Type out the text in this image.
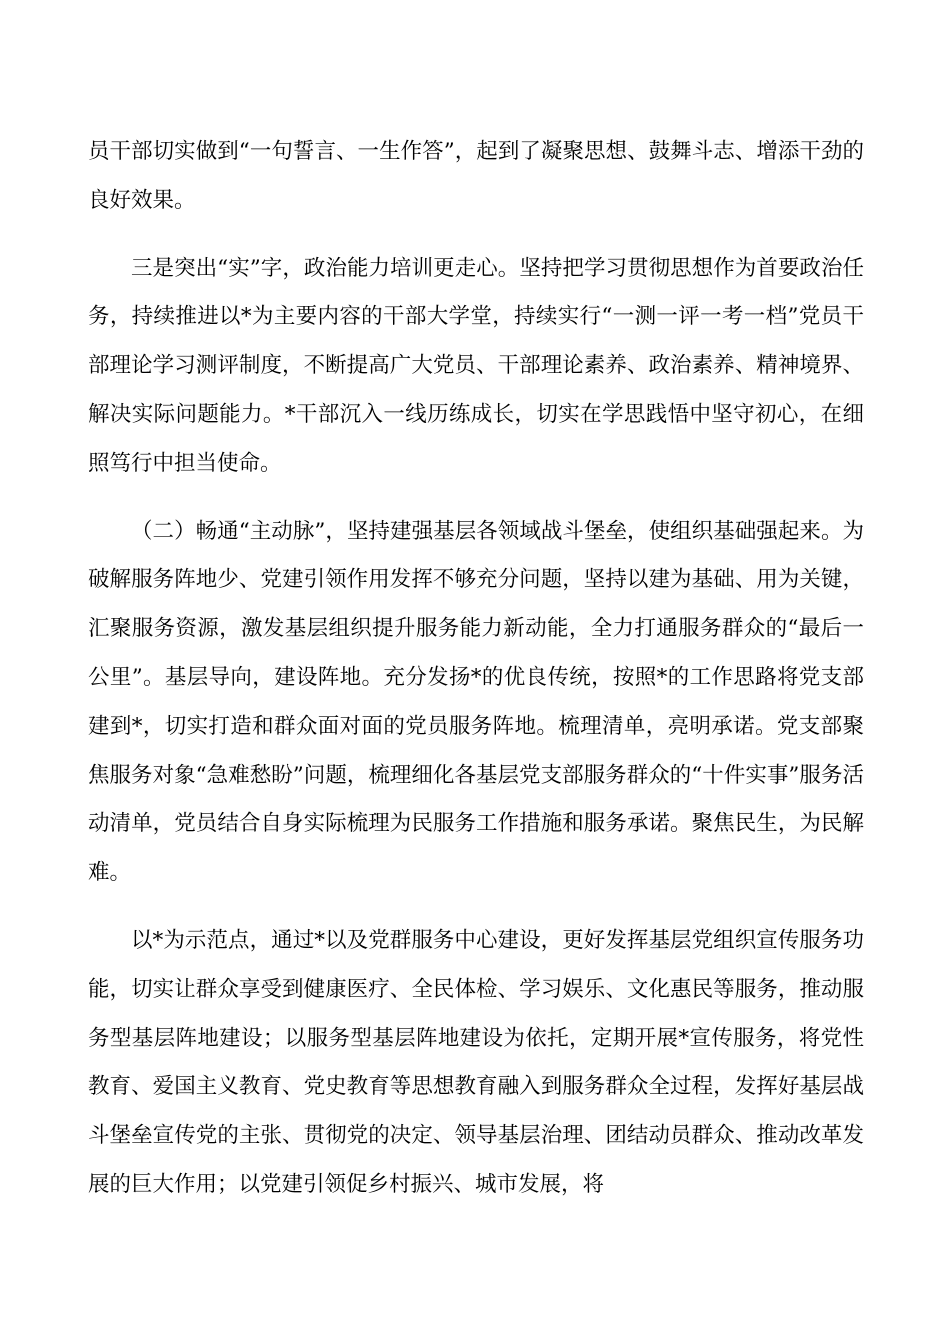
员干部切实做到“一句誓言、一生作答”，起到了凝聚思想、鼓舞斗志、增添干劲的良好效果。

三是突出“实”字，政治能力培训更走心。坚持把学习贯彻思想作为首要政治任务，持续推进以*为主要内容的干部大学堂，持续实行“一测一评一考一档”党员干部理论学习测评制度，不断提高广大党员、干部理论素养、政治素养、精神境界、解决实际问题能力。*干部沉入一线历练成长，切实在学思践悟中坚守初心，在细照笃行中担当使命。

（二）畅通“主动脉”，坚持建强基层各领域战斗堡垒，使组织基础强起来。为破解服务阵地少、党建引领作用发挥不够充分问题，坚持以建为基础、用为关键，汇聚服务资源，激发基层组织提升服务能力新动能，全力打通服务群众的“最后一公里”。基层导向，建设阵地。充分发扬*的优良传统，按照*的工作思路将党支部建到*，切实打造和群众面对面的党员服务阵地。梳理清单，亮明承诺。党支部聚焦服务对象“急难愁盼”问题，梳理细化各基层党支部服务群众的“十件实事”服务活动清单，党员结合自身实际梳理为民服务工作措施和服务承诺。聚焦民生，为民解难。

以*为示范点，通过*以及党群服务中心建设，更好发挥基层党组织宣传服务功能，切实让群众享受到健康医疗、全民体检、学习娱乐、文化惠民等服务，推动服务型基层阵地建设；以服务型基层阵地建设为依托，定期开展*宣传服务，将党性教育、爱国主义教育、党史教育等思想教育融入到服务群众全过程，发挥好基层战斗堡垒宣传党的主张、贯彻党的决定、领导基层治理、团结动员群众、推动改革发展的巨大作用；以党建引领促乡村振兴、城市发展，将
